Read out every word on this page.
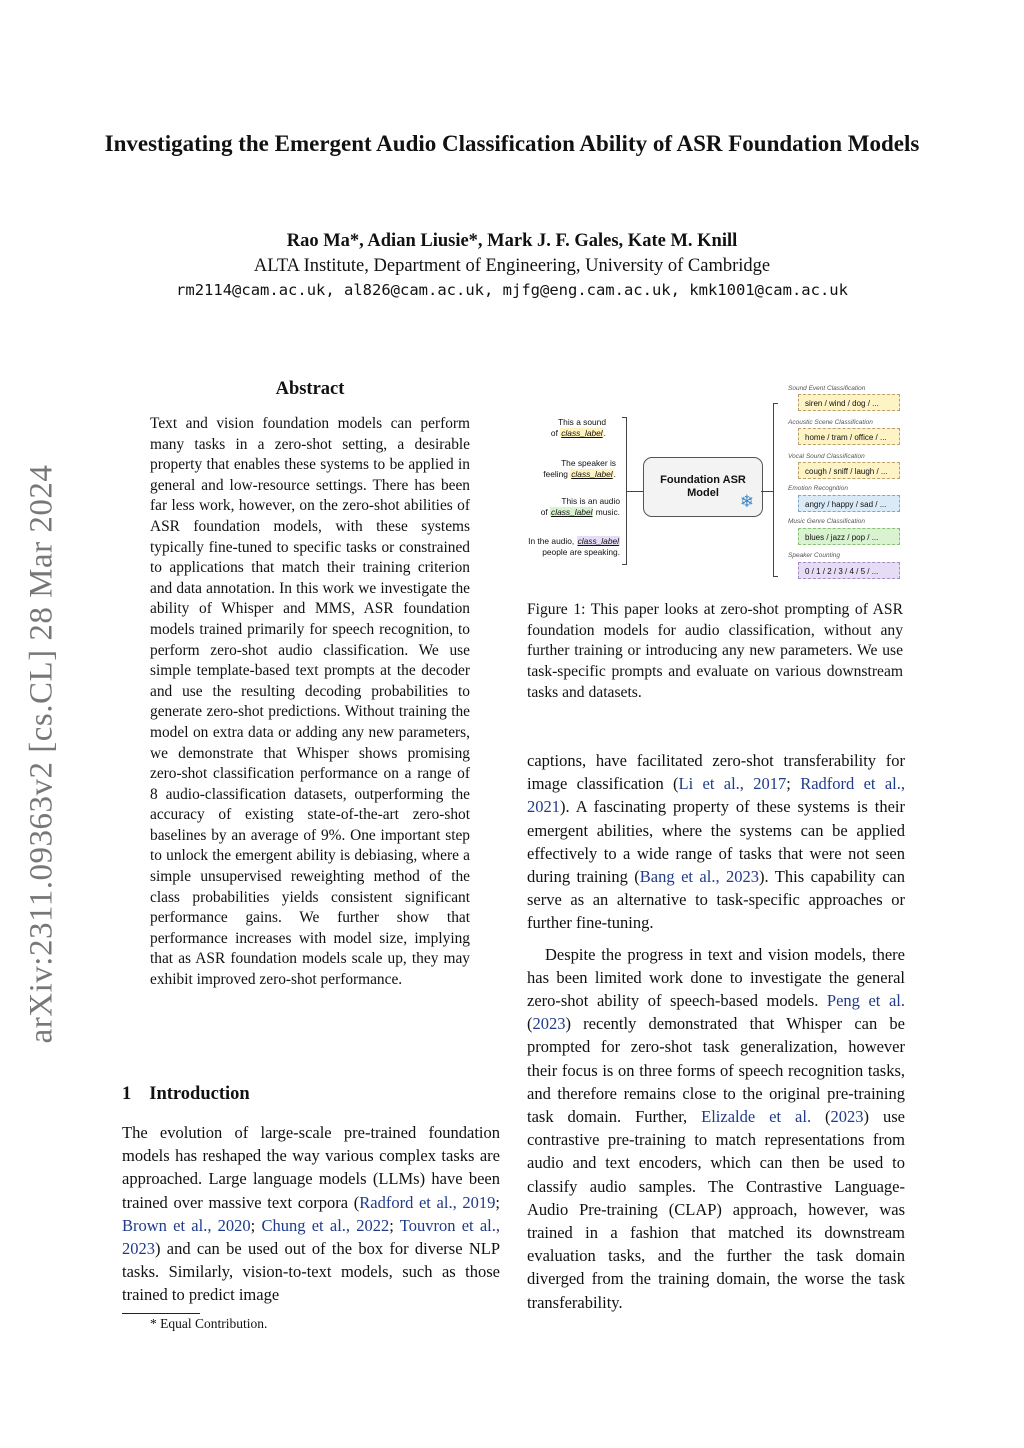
Investigating the Emergent Audio Classification Ability of ASR Foundation Models
Rao Ma*, Adian Liusie*, Mark J. F. Gales, Kate M. Knill
ALTA Institute, Department of Engineering, University of Cambridge
rm2114@cam.ac.uk, al826@cam.ac.uk, mjfg@eng.cam.ac.uk, kmk1001@cam.ac.uk
arXiv:2311.09363v2 [cs.CL] 28 Mar 2024
Abstract
Text and vision foundation models can perform many tasks in a zero-shot setting, a desirable property that enables these systems to be applied in general and low-resource settings. There has been far less work, however, on the zero-shot abilities of ASR foundation models, with these systems typically fine-tuned to specific tasks or constrained to applications that match their training criterion and data annotation. In this work we investigate the ability of Whisper and MMS, ASR foundation models trained primarily for speech recognition, to perform zero-shot audio classification. We use simple template-based text prompts at the decoder and use the resulting decoding probabilities to generate zero-shot predictions. Without training the model on extra data or adding any new parameters, we demonstrate that Whisper shows promising zero-shot classification performance on a range of 8 audio-classification datasets, outperforming the accuracy of existing state-of-the-art zero-shot baselines by an average of 9%. One important step to unlock the emergent ability is debiasing, where a simple unsupervised reweighting method of the class probabilities yields consistent significant performance gains. We further show that performance increases with model size, implying that as ASR foundation models scale up, they may exhibit improved zero-shot performance.
1 Introduction
The evolution of large-scale pre-trained foundation models has reshaped the way various complex tasks are approached. Large language models (LLMs) have been trained over massive text corpora (Radford et al., 2019; Brown et al., 2020; Chung et al., 2022; Touvron et al., 2023) and can be used out of the box for diverse NLP tasks. Similarly, vision-to-text models, such as those trained to predict image
* Equal Contribution.
This a sound
of class_label.
The speaker is
feeling class_label.
This is an audio
of class_label music.
In the audio, class_label
people are speaking.
Foundation ASR
Model	❄
Sound Event Classification
siren / wind / dog / ...
Acoustic Scene Classification
home / tram / office / ...
Vocal Sound Classification
cough / sniff / laugh / ...
Emotion Recognition
angry / happy / sad / ...
Music Genre Classification
blues / jazz / pop / ...
Speaker Counting
0 / 1 / 2 / 3 / 4 / 5 / ...
Figure 1: This paper looks at zero-shot prompting of ASR foundation models for audio classification, without any further training or introducing any new parameters. We use task-specific prompts and evaluate on various downstream tasks and datasets.

captions, have facilitated zero-shot transferability for image classification (Li et al., 2017; Radford et al., 2021). A fascinating property of these systems is their emergent abilities, where the systems can be applied effectively to a wide range of tasks that were not seen during training (Bang et al., 2023). This capability can serve as an alternative to task-specific approaches or further fine-tuning.

Despite the progress in text and vision models, there has been limited work done to investigate the general zero-shot ability of speech-based models. Peng et al. (2023) recently demonstrated that Whisper can be prompted for zero-shot task generalization, however their focus is on three forms of speech recognition tasks, and therefore remains close to the original pre-training task domain. Further, Elizalde et al. (2023) use contrastive pre-training to match representations from audio and text encoders, which can then be used to classify audio samples. The Contrastive Language-Audio Pre-training (CLAP) approach, however, was trained in a fashion that matched its downstream evaluation tasks, and the further the task domain diverged from the training domain, the worse the task transferability.
